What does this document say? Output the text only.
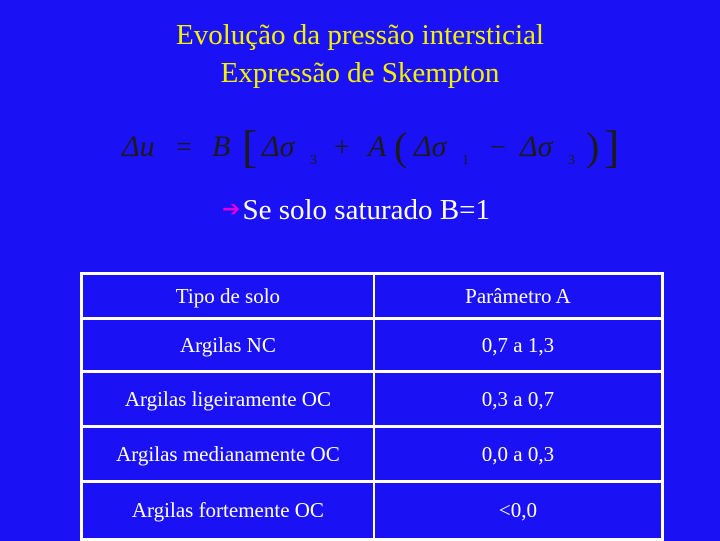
Evolução da pressão intersticial
Expressão de Skempton
Δu = B [ Δσ 3 + A ( Δσ 1 − Δσ 3 ) ]
➔Se solo saturado B=1
Tipo de solo	Parâmetro A
Argilas NC	0,7 a 1,3
Argilas ligeiramente OC	0,3 a 0,7
Argilas medianamente OC	0,0 a 0,3
Argilas fortemente OC	<0,0
